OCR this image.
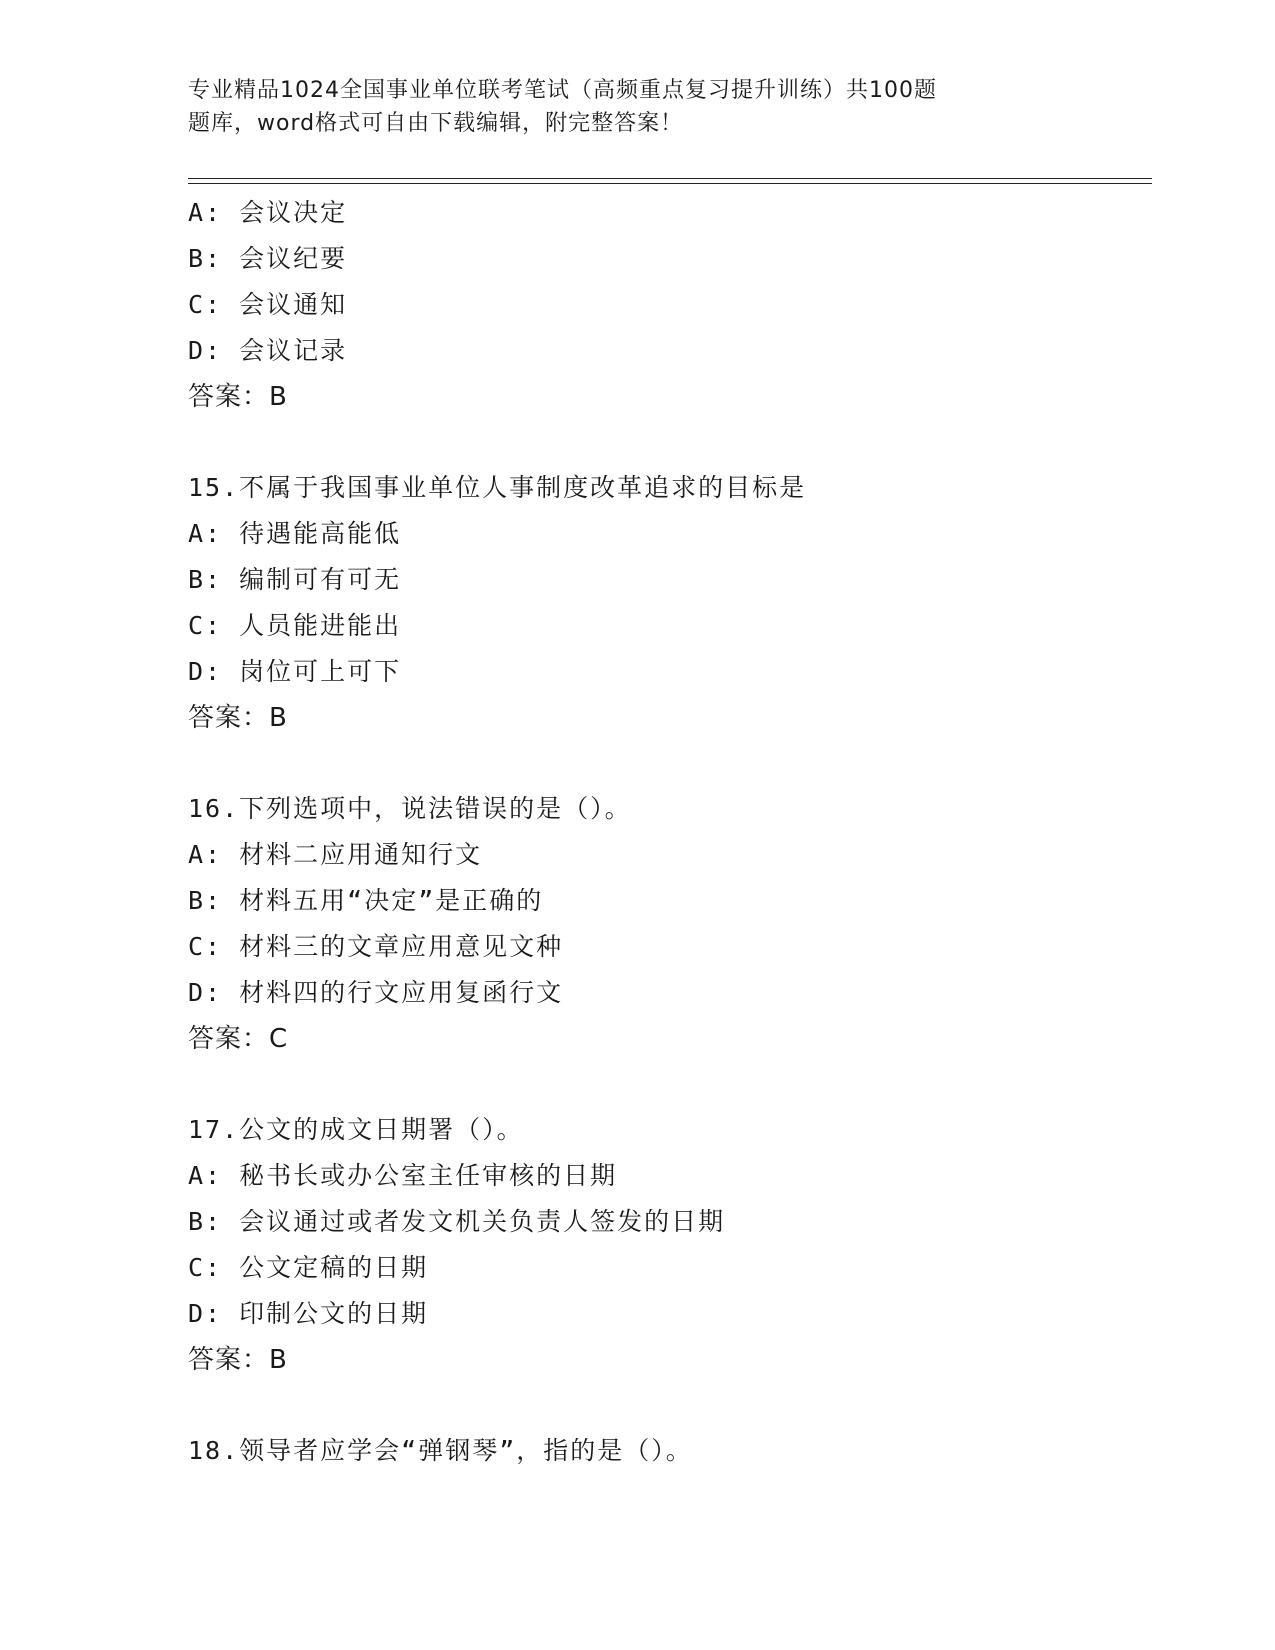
专业精品1024全国事业单位联考笔试（高频重点复习提升训练）共100题
题库，word格式可自由下载编辑，附完整答案！
A: 会议决定
B: 会议纪要
C: 会议通知
D: 会议记录
答案：B
15.不属于我国事业单位人事制度改革追求的目标是
A: 待遇能高能低
B: 编制可有可无
C: 人员能进能出
D: 岗位可上可下
答案：B
16.下列选项中，说法错误的是（）。
A: 材料二应用通知行文
B: 材料五用“决定”是正确的
C: 材料三的文章应用意见文种
D: 材料四的行文应用复函行文
答案：C
17.公文的成文日期署（）。
A: 秘书长或办公室主任审核的日期
B: 会议通过或者发文机关负责人签发的日期
C: 公文定稿的日期
D: 印制公文的日期
答案：B
18.领导者应学会“弹钢琴”，指的是（）。
